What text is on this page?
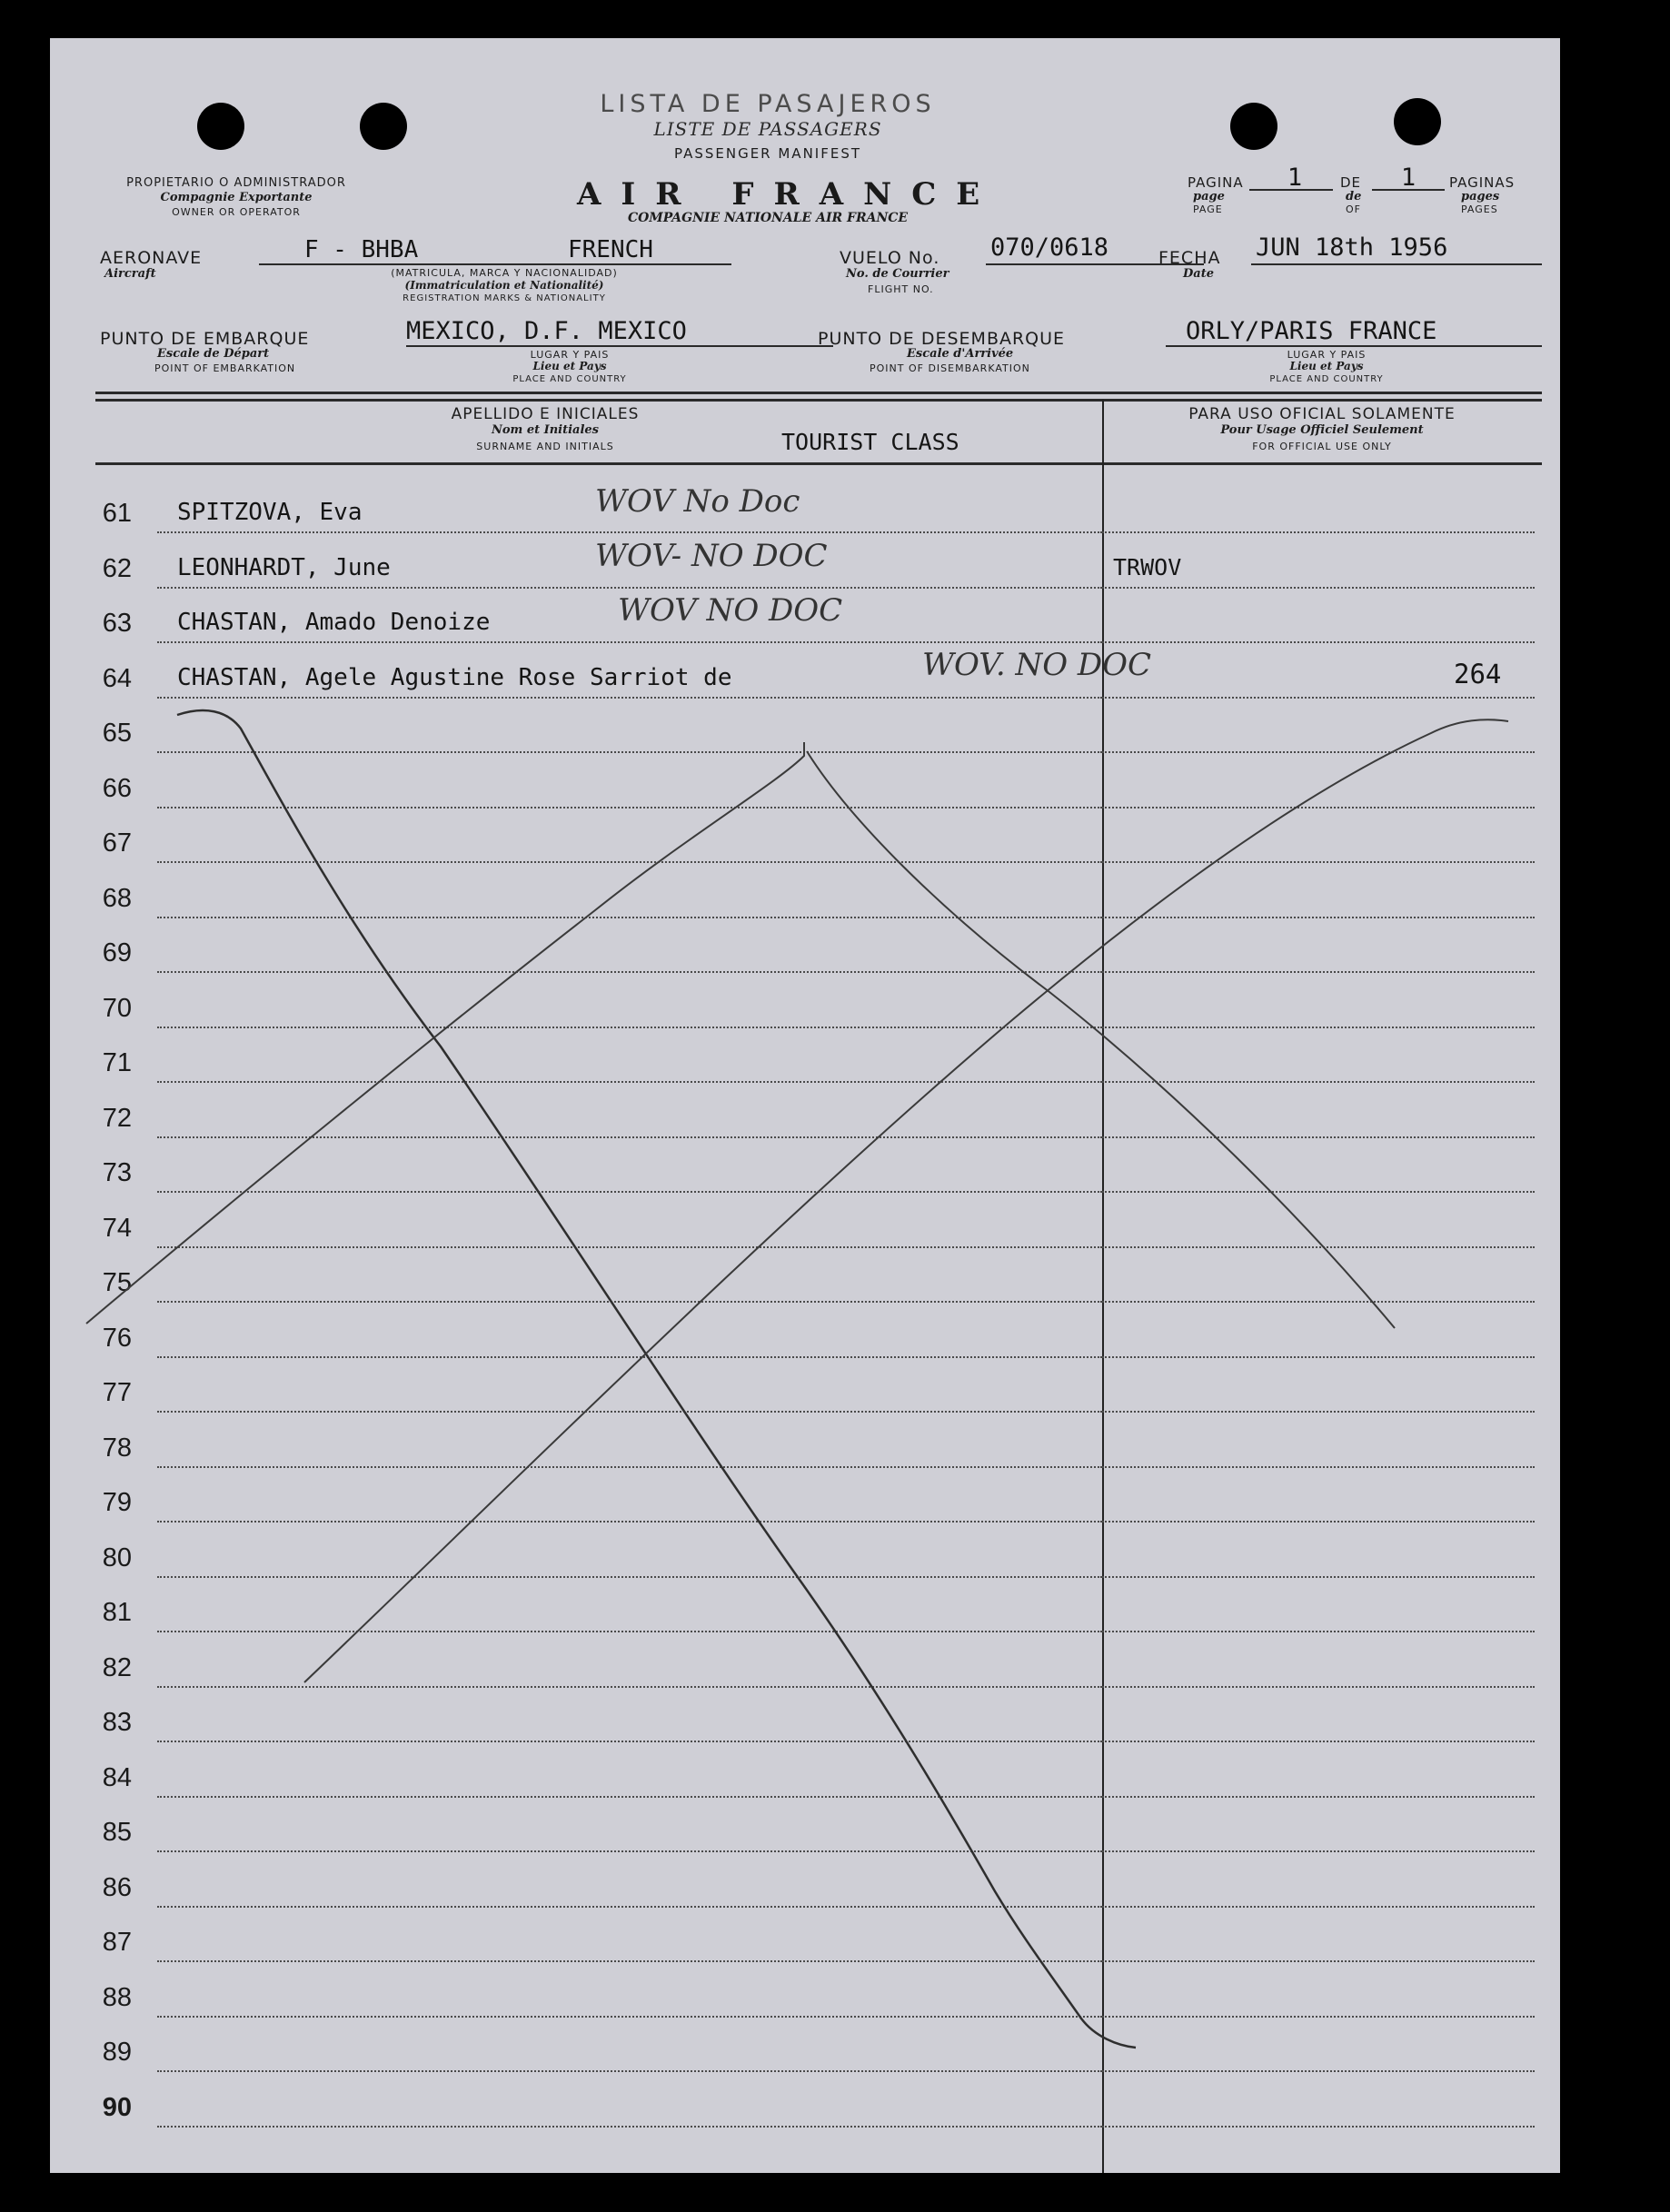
LISTA DE PASAJEROS
LISTE DE PASSAGERS
PASSENGER MANIFEST
PROPIETARIO O ADMINISTRADOR
Compagnie Exportante
OWNER OR OPERATOR	AIR FRANCE
COMPAGNIE NATIONALE AIR FRANCE
PAGINA
page
PAGE
1	DE
de
OF
1	PAGINAS
pages
PAGES
AERONAVE
Aircraft
F - BHBA	FRENCH
(MATRICULA, MARCA Y NACIONALIDAD)
(Immatriculation et Nationalité)
REGISTRATION MARKS & NATIONALITY
VUELO No.
No. de Courrier
FLIGHT NO.
070/0618	FECHA
Date
JUN 18th 1956
PUNTO DE EMBARQUE
Escale de Départ
POINT OF EMBARKATION
MEXICO, D.F. MEXICO
LUGAR Y PAIS
Lieu et Pays
PLACE AND COUNTRY
PUNTO DE DESEMBARQUE
Escale d'Arrivée
POINT OF DISEMBARKATION
ORLY/PARIS FRANCE
LUGAR Y PAIS
Lieu et Pays
PLACE AND COUNTRY
APELLIDO E INICIALES
Nom et Initiales
SURNAME AND INITIALS	TOURIST CLASS
PARA USO OFICIAL SOLAMENTE
Pour Usage Officiel Seulement
FOR OFFICIAL USE ONLY
61 SPITZOVA, Eva	WOV No Doc
62 LEONHARDT, June	WOV- NO DOC	TRWOV
63 CHASTAN, Amado Denoize	WOV NO DOC
64 CHASTAN, Agele Agustine Rose Sarriot de	WOV. NO DOC	264
65
66
67
68
69
70
71
72
73
74
75
76
77
78
79
80
81
82
83
84
85
86
87
88
89
90
